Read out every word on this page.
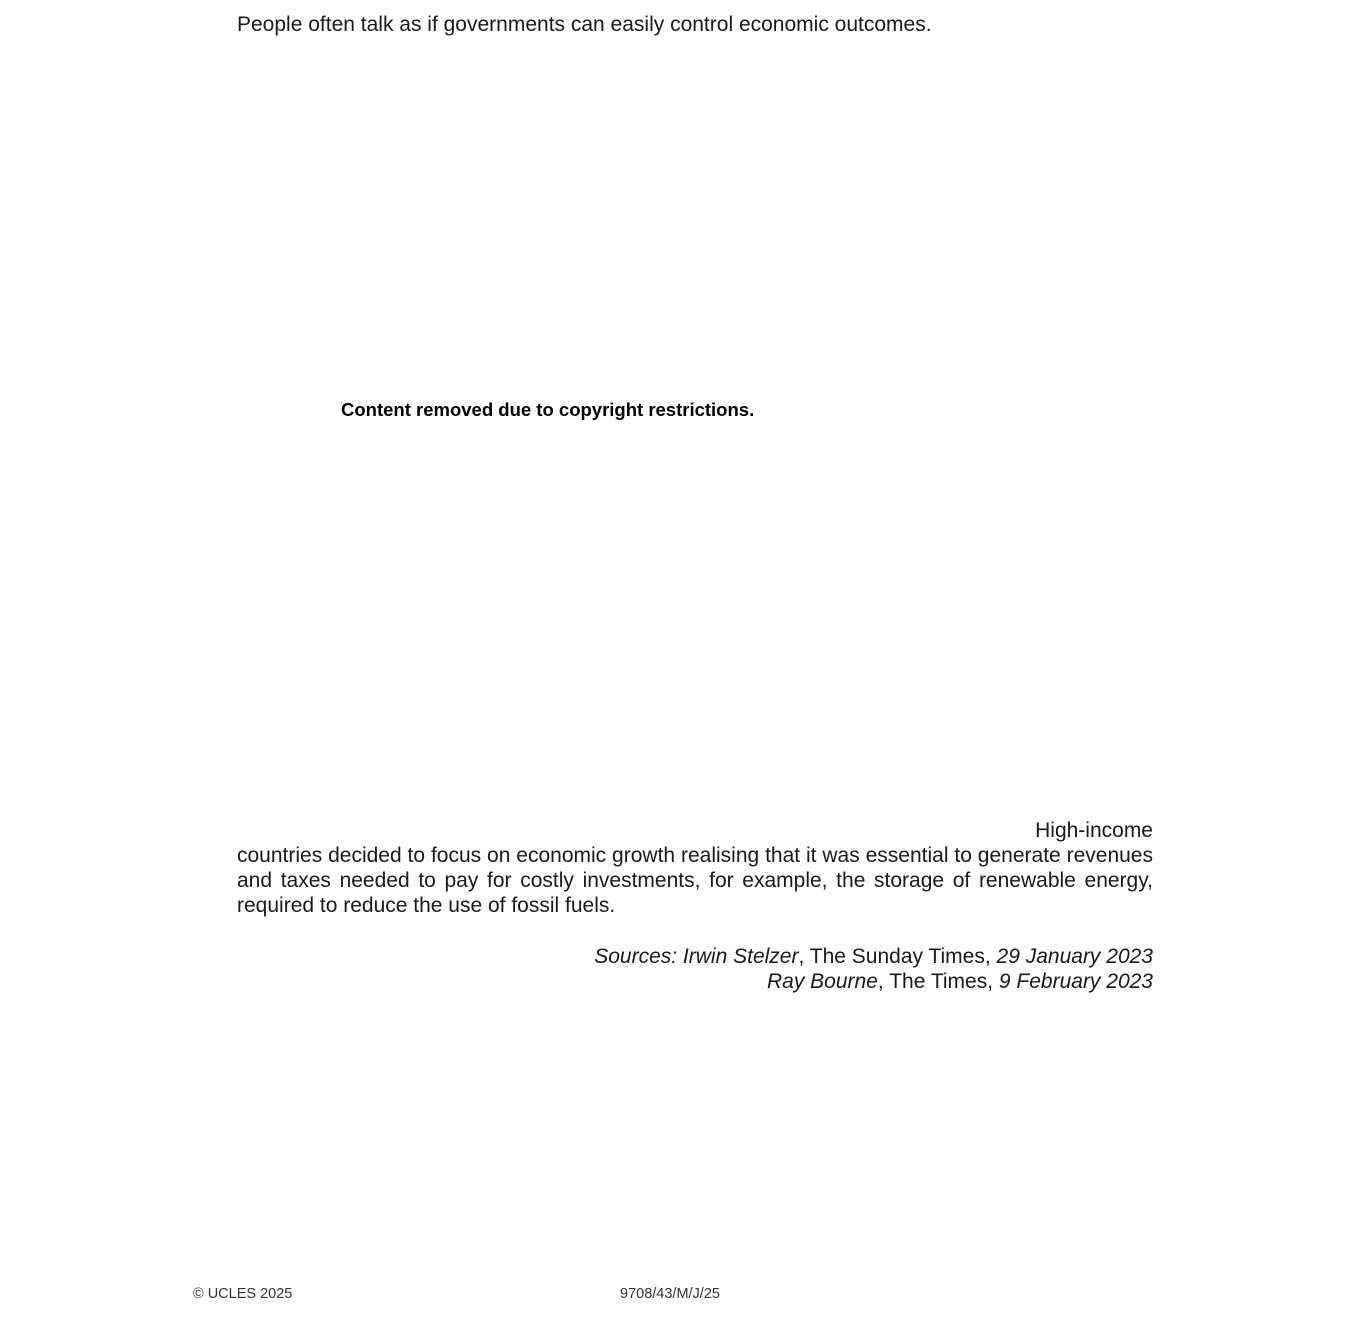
People often talk as if governments can easily control economic outcomes.
Content removed due to copyright restrictions.
High-income
countries decided to focus on economic growth realising that it was essential to generate revenues
and taxes needed to pay for costly investments, for example, the storage of renewable energy,
required to reduce the use of fossil fuels.
Sources: Irwin Stelzer, The Sunday Times, 29 January 2023
Ray Bourne, The Times, 9 February 2023
© UCLES 2025	9708/43/M/J/25
